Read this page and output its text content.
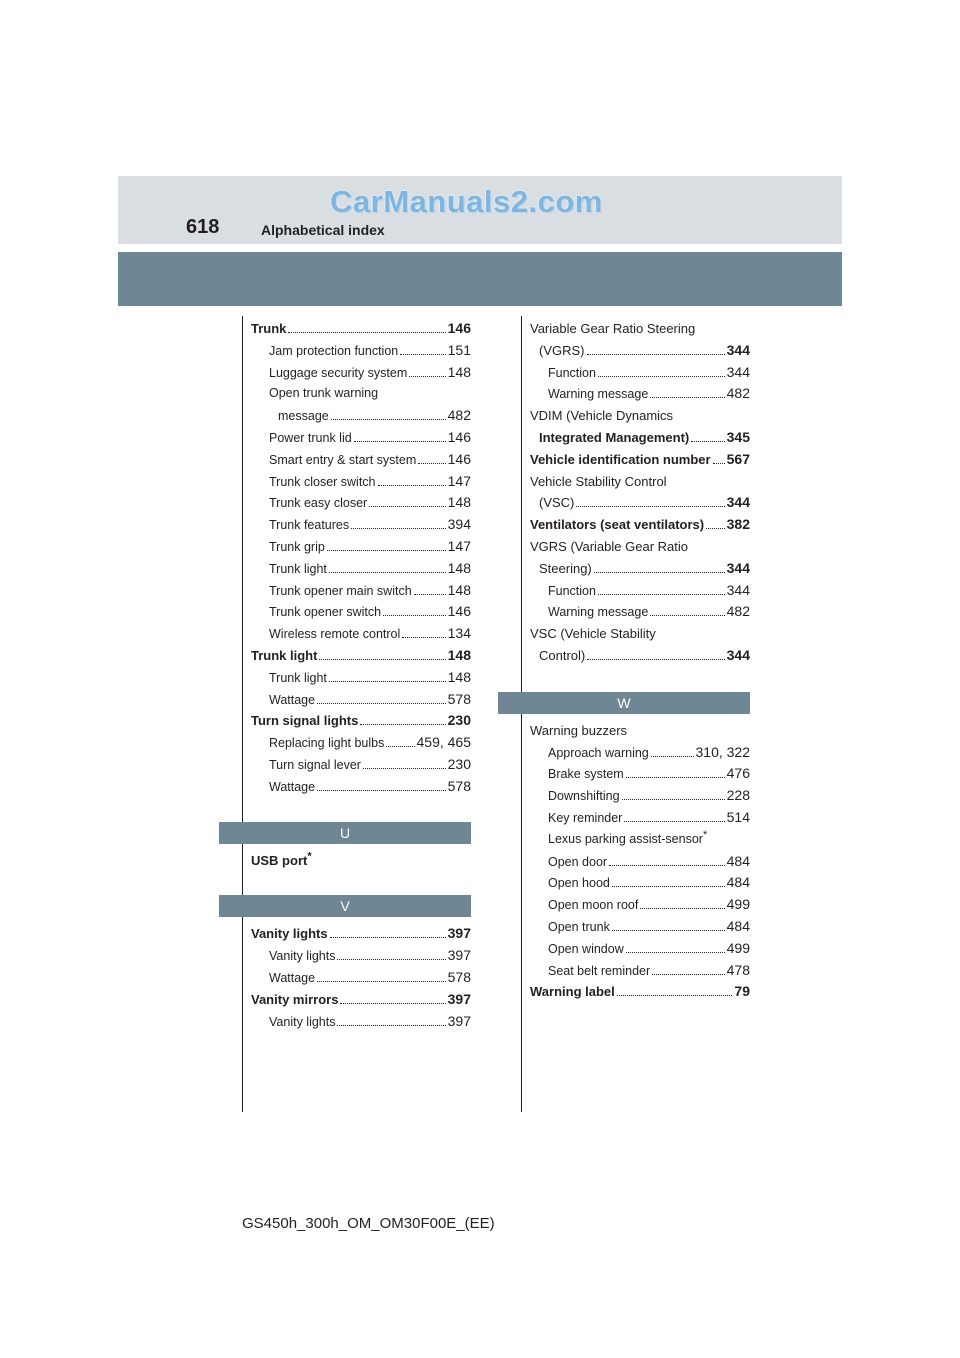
618	Alphabetical index
CarManuals2.com
Trunk	146
Jam protection function	151
Luggage security system	148
Open trunk warning
message	482
Power trunk lid	146
Smart entry & start system 146
Trunk closer switch	147
Trunk easy closer	148
Trunk features	394
Trunk grip	147
Trunk light	148
Trunk opener main switch	148
Trunk opener switch	146
Wireless remote control	134
Trunk light	148
Trunk light	148
Wattage	578
Turn signal lights	230
Replacing light bulbs 459, 465
Turn signal lever	230
Wattage	578
U
USB port*
V
Vanity lights	397
Vanity lights	397
Wattage	578
Vanity mirrors	397
Vanity lights	397
Variable Gear Ratio Steering
(VGRS)	344
Function	344
Warning message	482
VDIM (Vehicle Dynamics
Integrated Management)	345
Vehicle identification number 567
Vehicle Stability Control
(VSC)	344
Ventilators (seat ventilators) 382
VGRS (Variable Gear Ratio
Steering)	344
Function	344
Warning message	482
VSC (Vehicle Stability
Control)	344
W
Warning buzzers
Approach warning	310, 322
Brake system	476
Downshifting	228
Key reminder	514
Lexus parking assist-sensor*
Open door	484
Open hood	484
Open moon roof	499
Open trunk	484
Open window	499
Seat belt reminder	478
Warning label	79
GS450h_300h_OM_OM30F00E_(EE)
